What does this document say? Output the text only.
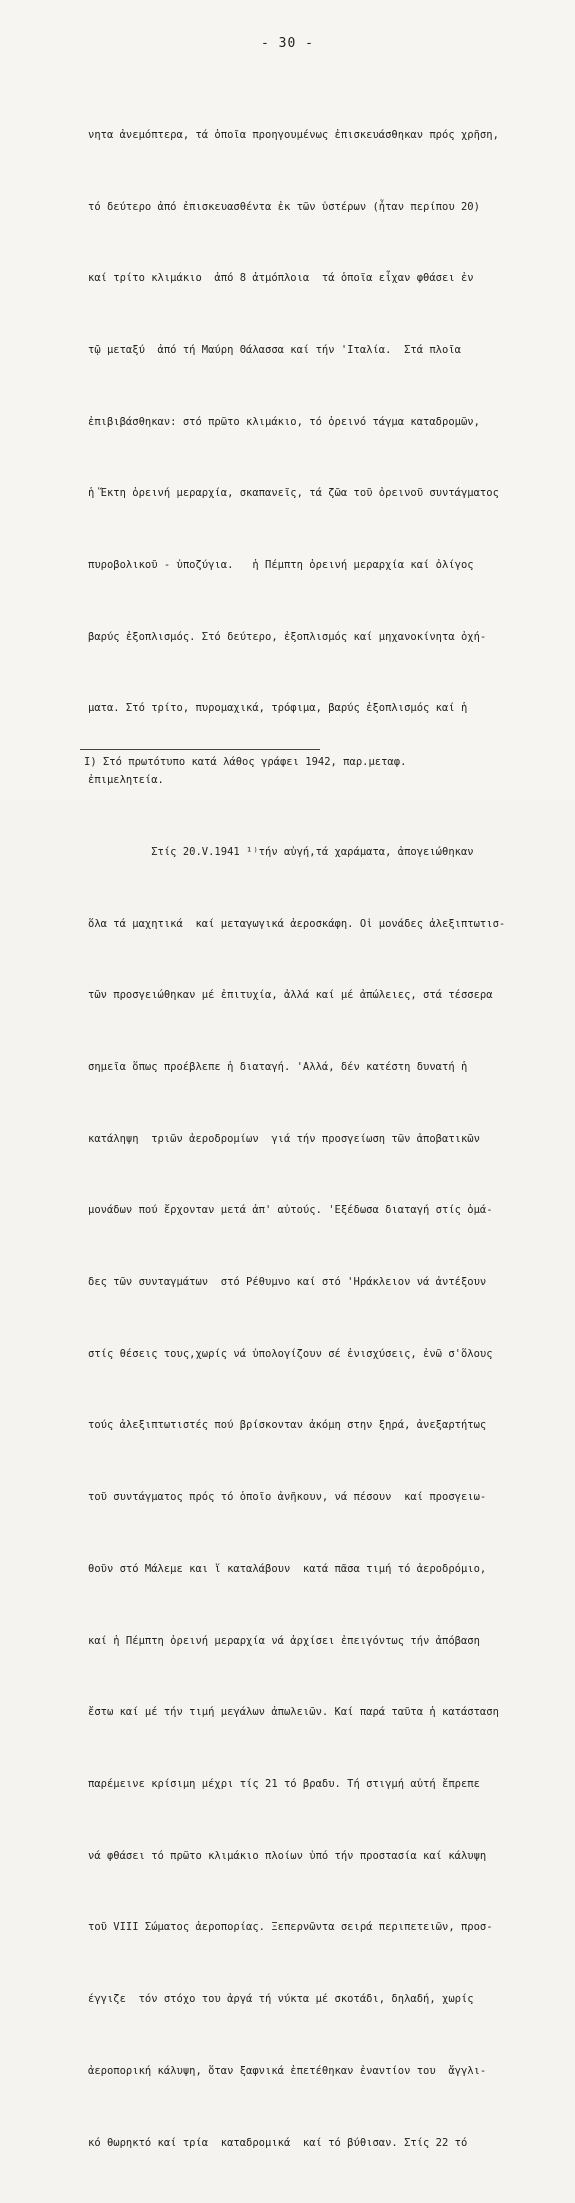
- 30 -

νητα ἀνεμόπτερα, τά ὁποῖα προηγουμένως ἐπισκευάσθηκαν πρός χρῆση,

τό δεύτερο ἀπό ἐπισκευασθέντα ἐκ τῶν ὑστέρων (ἦταν περίπου 20)

καί τρίτο κλιμάκιο  ἀπό 8 ἀτμόπλοια  τά ὁποῖα εἶχαν φθάσει ἐν

τῷ μεταξύ  ἀπό τή Μαύρη Θάλασσα καί τήν 'Ιταλία.  Στά πλοῖα

ἐπιβιβάσθηκαν: στό πρῶτο κλιμάκιο, τό ὀρεινό τάγμα καταδρομῶν,

ἡ Ἕκτη ὀρεινή μεραρχία, σκαπανεῖς, τά ζῶα τοῦ ὀρεινοῦ συντάγματος

πυροβολικοῦ - ὑποζύγια.   ἡ Πέμπτη ὀρεινή μεραρχία καί ὀλίγος

βαρύς ἐξοπλισμός. Στό δεύτερο, ἐξοπλισμός καί μηχανοκίνητα ὀχή-

ματα. Στό τρίτο, πυρομαχικά, τρόφιμα, βαρύς ἐξοπλισμός καί ἡ

ἐπιμελητεία.

Στίς 20.V.1941 ¹⁾τήν αὐγή,τά χαράματα, ἀπογειώθηκαν

ὅλα τά μαχητικά  καί μεταγωγικά ἀεροσκάφη. Οἱ μονάδες ἀλεξιπτωτισ-

τῶν προσγειώθηκαν μέ ἐπιτυχία, ἀλλά καί μέ ἀπώλειες, στά τέσσερα

σημεῖα ὅπως προέβλεπε ἡ διαταγή. 'Αλλά, δέν κατέστη δυνατή ἡ

κατάληψη  τριῶν ἀεροδρομίων  γιά τήν προσγείωση τῶν ἀποβατικῶν

μονάδων πού ἔρχονταν μετά ἀπ' αὐτούς. 'Εξέδωσα διαταγή στίς ὁμά-

δες τῶν συνταγμάτων  στό Ρέθυμνο καί στό 'Ηράκλειον νά ἀντέξουν

στίς θέσεις τους,χωρίς νά ὑπολογίζουν σέ ἐνισχύσεις, ἐνῶ σ'ὅλους

τούς ἀλεξιπτωτιστές πού βρίσκονταν ἀκόμη στην ξηρά, ἀνεξαρτήτως

τοῦ συντάγματος πρός τό ὁποῖο ἀνῆκουν, νά πέσουν  καί προσγειω-

θοῦν στό Μάλεμε και ἵ καταλάβουν  κατά πᾶσα τιμή τό ἀεροδρόμιο,

καί ἡ Πέμπτη ὀρεινή μεραρχία νά ἀρχίσει ἐπειγόντως τήν ἀπόβαση

ἔστω καί μέ τήν τιμή μεγάλων ἀπωλειῶν. Καί παρά ταῦτα ἡ κατάσταση

παρέμεινε κρίσιμη μέχρι τίς 21 τό βραδυ. Τή στιγμή αὐτή ἔπρεπε

νά φθάσει τό πρῶτο κλιμάκιο πλοίων ὑπό τήν προστασία καί κάλυψη

τοῦ VIII Σώματος ἀεροπορίας. Ξεπερνῶντα σειρά περιπετειῶν, προσ-

έγγιζε  τόν στόχο του ἀργά τή νύκτα μέ σκοτάδι, δηλαδή, χωρίς

ἀεροπορική κάλυψη, ὅταν ξαφνικά ἐπετέθηκαν ἐναντίον του  ἄγγλι-

κό θωρηκτό καί τρία  καταδρομικά  καί τό βύθισαν. Στίς 22 τό

I) Στό πρωτότυπο κατά λάθος γράφει 1942, παρ.μεταφ.
